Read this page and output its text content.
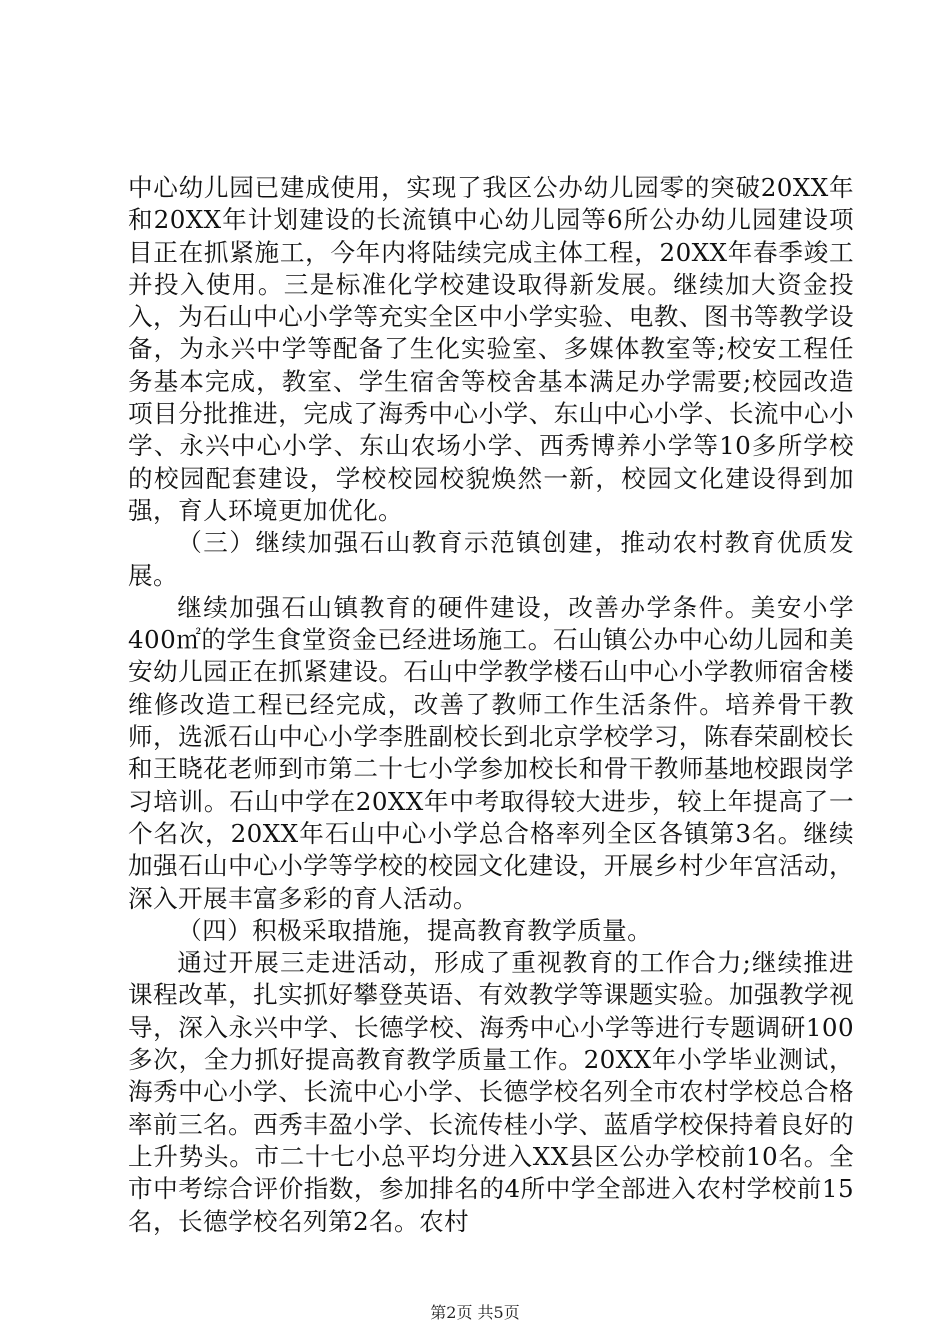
中心幼儿园已建成使用，实现了我区公办幼儿园零的突破20XX年和20XX年计划建设的长流镇中心幼儿园等6所公办幼儿园建设项目正在抓紧施工，今年内将陆续完成主体工程，20XX年春季竣工并投入使用。三是标准化学校建设取得新发展。继续加大资金投入，为石山中心小学等充实全区中小学实验、电教、图书等教学设备，为永兴中学等配备了生化实验室、多媒体教室等;校安工程任务基本完成，教室、学生宿舍等校舍基本满足办学需要;校园改造项目分批推进，完成了海秀中心小学、东山中心小学、长流中心小学、永兴中心小学、东山农场小学、西秀博养小学等10多所学校的校园配套建设，学校校园校貌焕然一新，校园文化建设得到加强，育人环境更加优化。

（三）继续加强石山教育示范镇创建，推动农村教育优质发展。

继续加强石山镇教育的硬件建设，改善办学条件。美安小学400㎡的学生食堂资金已经进场施工。石山镇公办中心幼儿园和美安幼儿园正在抓紧建设。石山中学教学楼石山中心小学教师宿舍楼维修改造工程已经完成，改善了教师工作生活条件。培养骨干教师，选派石山中心小学李胜副校长到北京学校学习，陈春荣副校长和王晓花老师到市第二十七小学参加校长和骨干教师基地校跟岗学习培训。石山中学在20XX年中考取得较大进步，较上年提高了一个名次，20XX年石山中心小学总合格率列全区各镇第3名。继续加强石山中心小学等学校的校园文化建设，开展乡村少年宫活动，深入开展丰富多彩的育人活动。

（四）积极采取措施，提高教育教学质量。

通过开展三走进活动，形成了重视教育的工作合力;继续推进课程改革，扎实抓好攀登英语、有效教学等课题实验。加强教学视导，深入永兴中学、长德学校、海秀中心小学等进行专题调研100多次，全力抓好提高教育教学质量工作。20XX年小学毕业测试，海秀中心小学、长流中心小学、长德学校名列全市农村学校总合格率前三名。西秀丰盈小学、长流传桂小学、蓝盾学校保持着良好的上升势头。市二十七小总平均分进入XX县区公办学校前10名。全市中考综合评价指数，参加排名的4所中学全部进入农村学校前15名，长德学校名列第2名。农村

第2页 共5页
